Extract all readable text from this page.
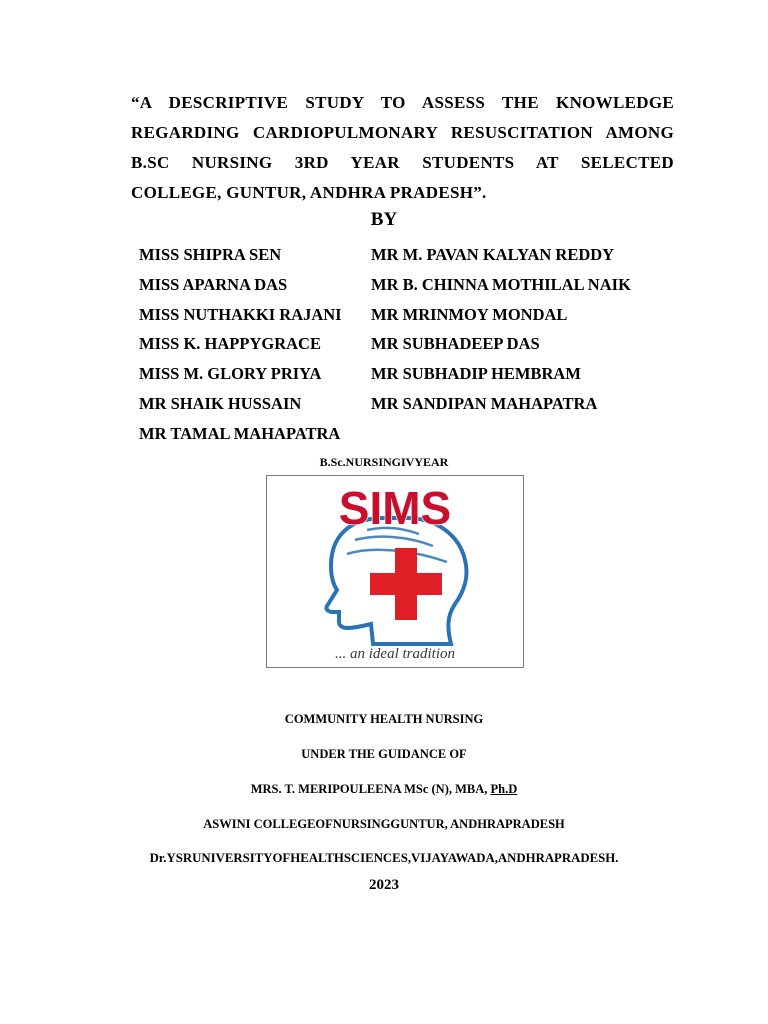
“A DESCRIPTIVE STUDY TO ASSESS THE KNOWLEDGE
REGARDING CARDIOPULMONARY RESUSCITATION AMONG
B.SC NURSING 3RD YEAR STUDENTS AT SELECTED
COLLEGE, GUNTUR, ANDHRA PRADESH”.
BY
MISS SHIPRA SEN
MISS APARNA DAS
MISS NUTHAKKI RAJANI
MISS K. HAPPYGRACE
MISS M. GLORY PRIYA
MR SHAIK HUSSAIN
MR TAMAL MAHAPATRA
MR M. PAVAN KALYAN REDDY
MR B. CHINNA MOTHILAL NAIK
MR MRINMOY MONDAL
MR SUBHADEEP DAS
MR SUBHADIP HEMBRAM
MR SANDIPAN MAHAPATRA
B.Sc.NURSINGIVYEAR
SIMS
... an ideal tradition
COMMUNITY HEALTH NURSING
UNDER THE GUIDANCE OF
MRS. T. MERIPOULEENA MSc (N), MBA, Ph.D
ASWINI COLLEGEOFNURSINGGUNTUR, ANDHRAPRADESH
Dr.YSRUNIVERSITYOFHEALTHSCIENCES,VIJAYAWADA,ANDHRAPRADESH.
2023
